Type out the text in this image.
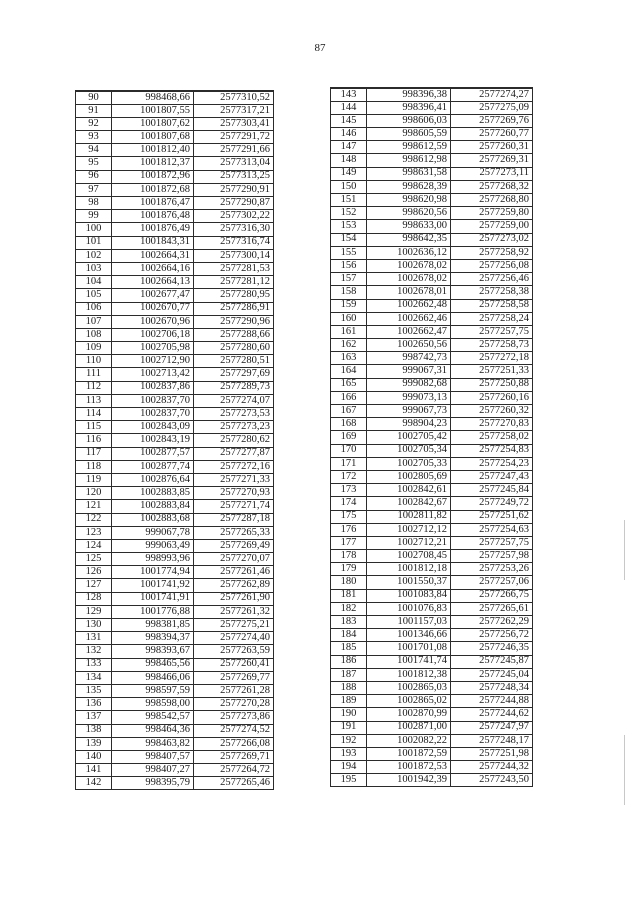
87
90	998468,66	2577310,52
91	1001807,55	2577317,21
92	1001807,62	2577303,41
93	1001807,68	2577291,72
94	1001812,40	2577291,66
95	1001812,37	2577313,04
96	1001872,96	2577313,25
97	1001872,68	2577290,91
98	1001876,47	2577290,87
99	1001876,48	2577302,22
100	1001876,49	2577316,30
101	1001843,31	2577316,74
102	1002664,31	2577300,14
103	1002664,16	2577281,53
104	1002664,13	2577281,12
105	1002677,47	2577280,95
106	1002670,77	2577286,91
107	1002670,96	2577290,96
108	1002706,18	2577288,66
109	1002705,98	2577280,60
110	1002712,90	2577280,51
111	1002713,42	2577297,69
112	1002837,86	2577289,73
113	1002837,70	2577274,07
114	1002837,70	2577273,53
115	1002843,09	2577273,23
116	1002843,19	2577280,62
117	1002877,57	2577277,87
118	1002877,74	2577272,16
119	1002876,64	2577271,33
120	1002883,85	2577270,93
121	1002883,84	2577271,74
122	1002883,68	2577287,18
123	999067,78	2577265,33
124	999063,49	2577269,49
125	998993,96	2577270,07
126	1001774,94	2577261,46
127	1001741,92	2577262,89
128	1001741,91	2577261,90
129	1001776,88	2577261,32
130	998381,85	2577275,21
131	998394,37	2577274,40
132	998393,67	2577263,59
133	998465,56	2577260,41
134	998466,06	2577269,77
135	998597,59	2577261,28
136	998598,00	2577270,28
137	998542,57	2577273,86
138	998464,36	2577274,52
139	998463,82	2577266,08
140	998407,57	2577269,71
141	998407,27	2577264,72
142	998395,79	2577265,46
143	998396,38	2577274,27
144	998396,41	2577275,09
145	998606,03	2577269,76
146	998605,59	2577260,77
147	998612,59	2577260,31
148	998612,98	2577269,31
149	998631,58	2577273,11
150	998628,39	2577268,32
151	998620,98	2577268,80
152	998620,56	2577259,80
153	998633,00	2577259,00
154	998642,35	2577273,02
155	1002636,12	2577258,92
156	1002678,02	2577256,08
157	1002678,02	2577256,46
158	1002678,01	2577258,38
159	1002662,48	2577258,58
160	1002662,46	2577258,24
161	1002662,47	2577257,75
162	1002650,56	2577258,73
163	998742,73	2577272,18
164	999067,31	2577251,33
165	999082,68	2577250,88
166	999073,13	2577260,16
167	999067,73	2577260,32
168	998904,23	2577270,83
169	1002705,42	2577258,02
170	1002705,34	2577254,83
171	1002705,33	2577254,23
172	1002805,69	2577247,43
173	1002842,61	2577245,84
174	1002842,67	2577249,72
175	1002811,82	2577251,62
176	1002712,12	2577254,63
177	1002712,21	2577257,75
178	1002708,45	2577257,98
179	1001812,18	2577253,26
180	1001550,37	2577257,06
181	1001083,84	2577266,75
182	1001076,83	2577265,61
183	1001157,03	2577262,29
184	1001346,66	2577256,72
185	1001701,08	2577246,35
186	1001741,74	2577245,87
187	1001812,38	2577245,04
188	1002865,03	2577248,34
189	1002865,02	2577244,88
190	1002870,99	2577244,62
191	1002871,00	2577247,97
192	1002082,22	2577248,17
193	1001872,59	2577251,98
194	1001872,53	2577244,32
195	1001942,39	2577243,50
